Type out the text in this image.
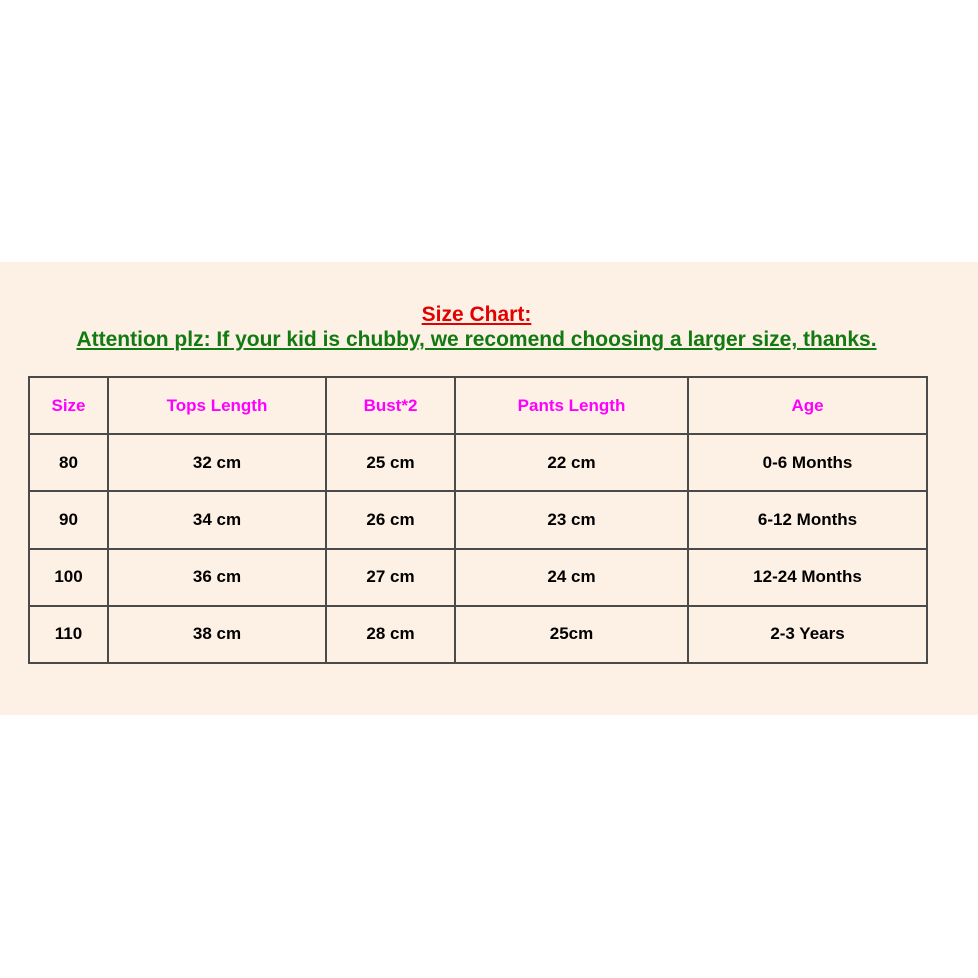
Size Chart:
Attention plz: If your kid is chubby, we recomend choosing a larger size, thanks.
Size	Tops Length	Bust*2	Pants Length	Age
80	32 cm	25 cm	22 cm	0-6 Months
90	34 cm	26 cm	23 cm	6-12 Months
100	36 cm	27 cm	24 cm	12-24 Months
110	38 cm	28 cm	25cm	2-3 Years
